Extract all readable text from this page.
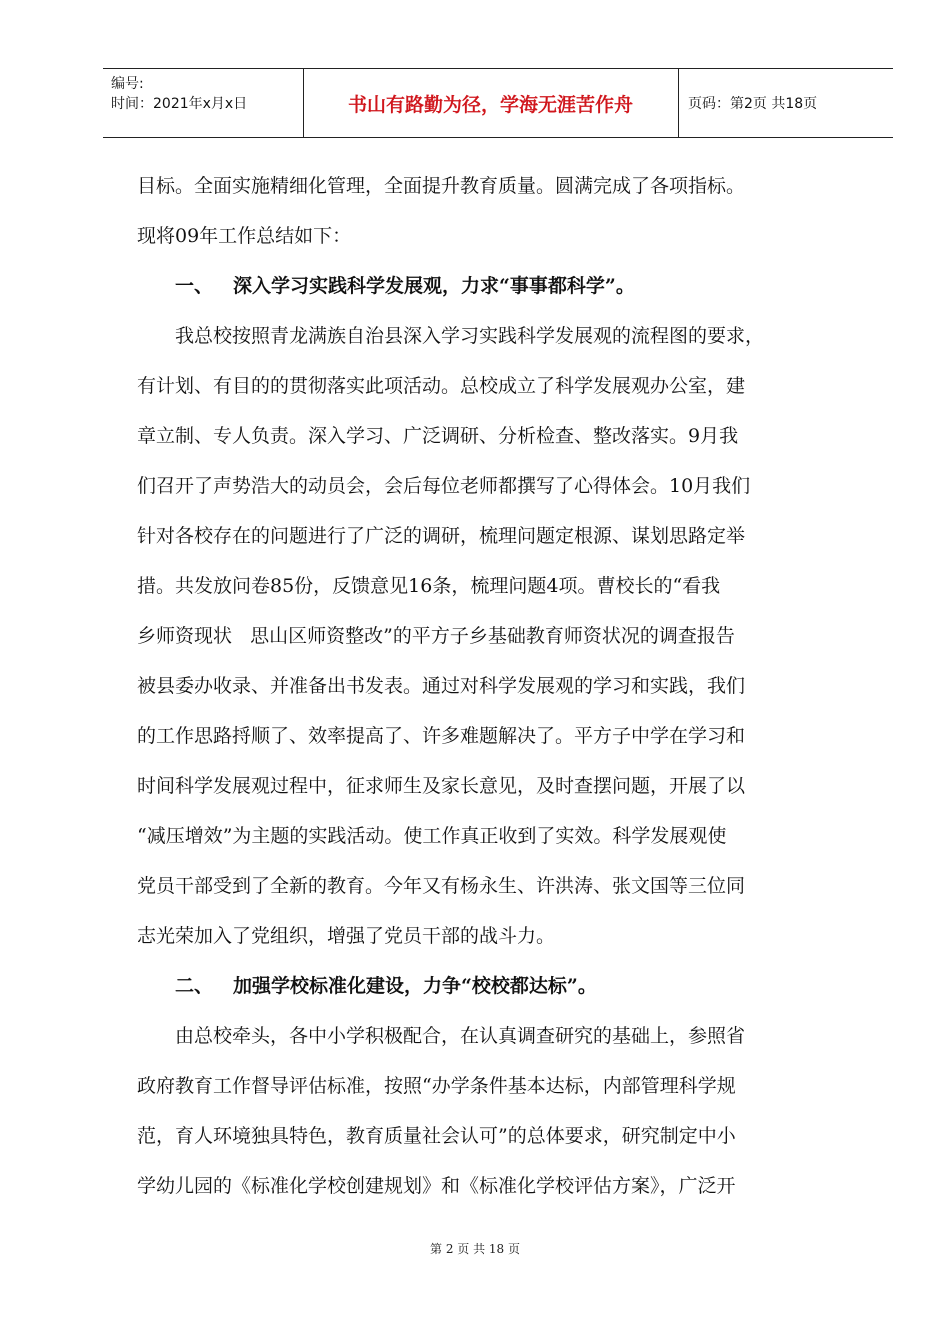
编号:
时间：2021年x月x日	书山有路勤为径，学海无涯苦作舟	页码：第2页 共18页
目标。全面实施精细化管理，全面提升教育质量。圆满完成了各项指标。
现将09年工作总结如下：
一、 深入学习实践科学发展观，力求“事事都科学”。
我总校按照青龙满族自治县深入学习实践科学发展观的流程图的要求，
有计划、有目的的贯彻落实此项活动。总校成立了科学发展观办公室，建
章立制、专人负责。深入学习、广泛调研、分析检查、整改落实。9月我
们召开了声势浩大的动员会，会后每位老师都撰写了心得体会。10月我们
针对各校存在的问题进行了广泛的调研，梳理问题定根源、谋划思路定举
措。共发放问卷85份，反馈意见16条，梳理问题4项。曹校长的“看我
乡师资现状   思山区师资整改”的平方子乡基础教育师资状况的调查报告
被县委办收录、并准备出书发表。通过对科学发展观的学习和实践，我们
的工作思路捋顺了、效率提高了、许多难题解决了。平方子中学在学习和
时间科学发展观过程中，征求师生及家长意见，及时查摆问题，开展了以
“减压增效”为主题的实践活动。使工作真正收到了实效。科学发展观使
党员干部受到了全新的教育。今年又有杨永生、许洪涛、张文国等三位同
志光荣加入了党组织，增强了党员干部的战斗力。
二、 加强学校标准化建设，力争“校校都达标”。
由总校牵头，各中小学积极配合，在认真调查研究的基础上，参照省
政府教育工作督导评估标准，按照“办学条件基本达标，内部管理科学规
范，育人环境独具特色，教育质量社会认可”的总体要求，研究制定中小
学幼儿园的《标准化学校创建规划》和《标准化学校评估方案》，广泛开
第 2 页 共 18 页
